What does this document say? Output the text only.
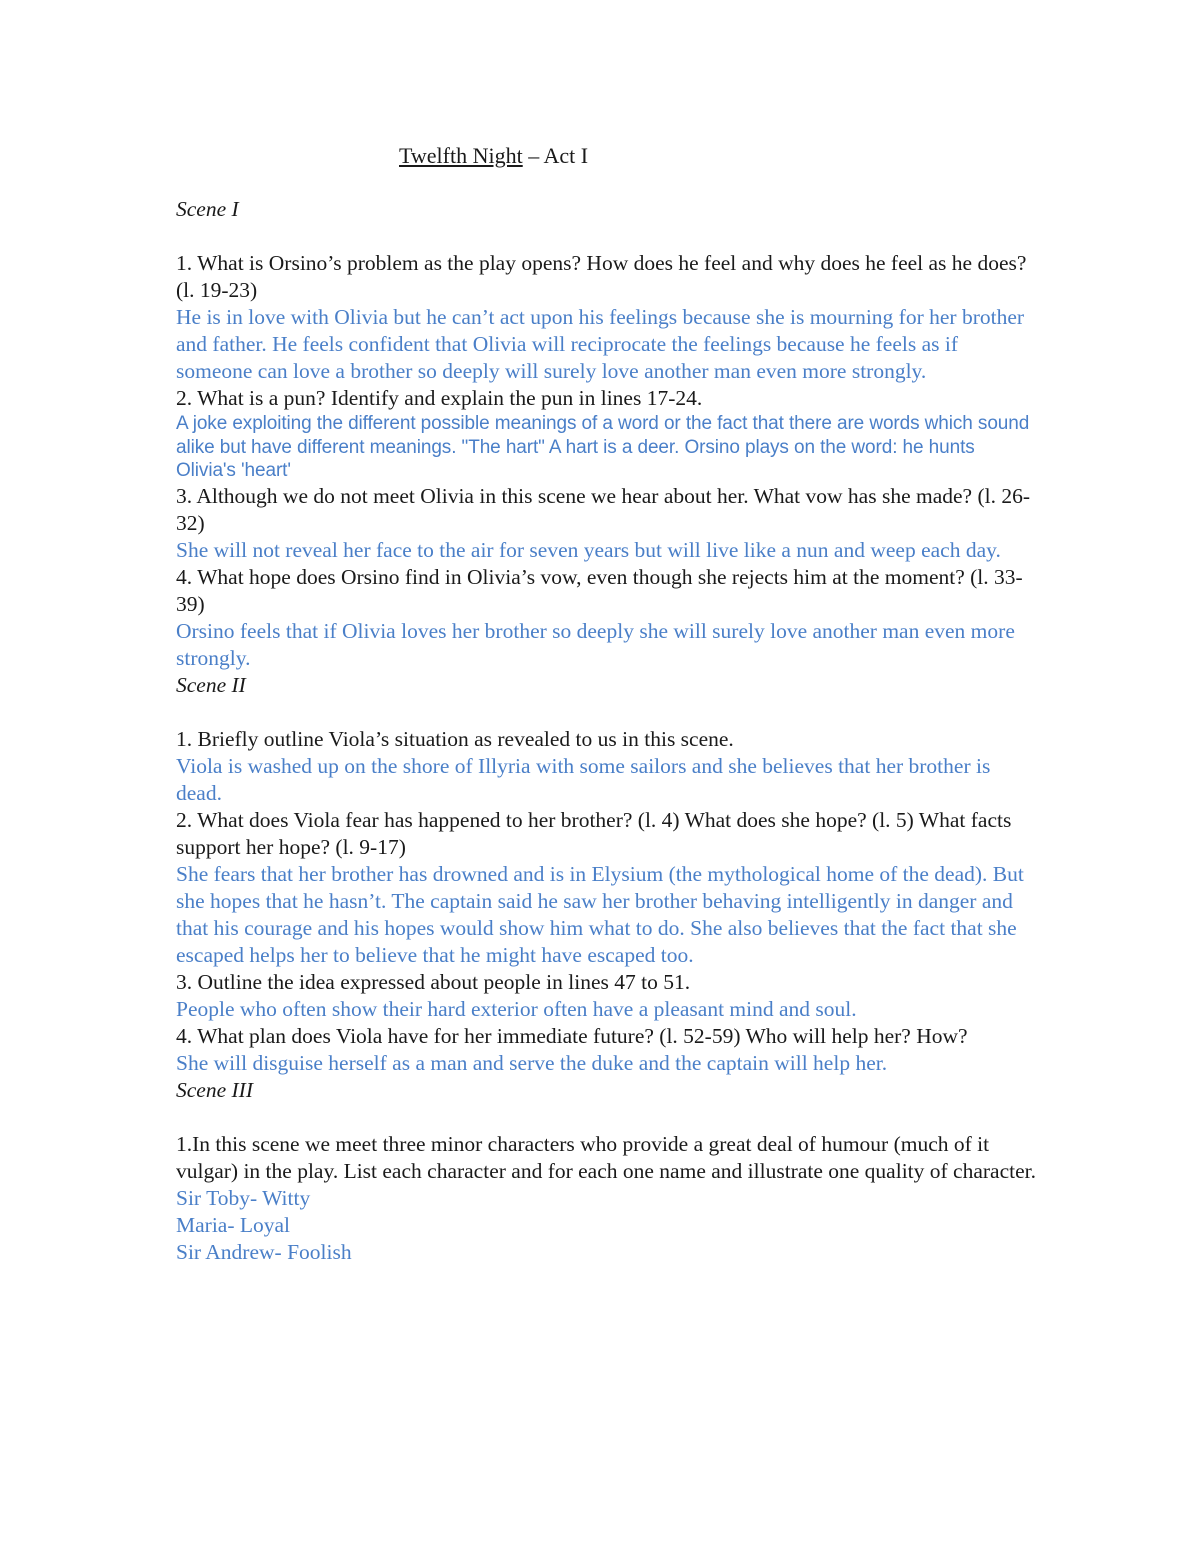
Twelfth Night – Act I

Scene I

1. What is Orsino’s problem as the play opens? How does he feel and why does he feel as he does? (l. 19-23)

He is in love with Olivia but he can’t act upon his feelings because she is mourning for her brother and father. He feels confident that Olivia will reciprocate the feelings because he feels as if someone can love a brother so deeply will surely love another man even more strongly.

2. What is a pun? Identify and explain the pun in lines 17-24.

A joke exploiting the different possible meanings of a word or the fact that there are words which sound alike but have different meanings. "The hart" A hart is a deer. Orsino plays on the word: he hunts Olivia's 'heart'

3. Although we do not meet Olivia in this scene we hear about her. What vow has she made? (l. 26-32)

She will not reveal her face to the air for seven years but will live like a nun and weep each day.

4. What hope does Orsino find in Olivia’s vow, even though she rejects him at the moment? (l. 33-39)

Orsino feels that if Olivia loves her brother so deeply she will surely love another man even more strongly.

Scene II

1. Briefly outline Viola’s situation as revealed to us in this scene.

Viola is washed up on the shore of Illyria with some sailors and she believes that her brother is dead.

2. What does Viola fear has happened to her brother? (l. 4) What does she hope? (l. 5) What facts support her hope? (l. 9-17)

She fears that her brother has drowned and is in Elysium (the mythological home of the dead). But she hopes that he hasn’t. The captain said he saw her brother behaving intelligently in danger and that his courage and his hopes would show him what to do. She also believes that the fact that she escaped helps her to believe that he might have escaped too.

3. Outline the idea expressed about people in lines 47 to 51.

People who often show their hard exterior often have a pleasant mind and soul.

4. What plan does Viola have for her immediate future? (l. 52-59) Who will help her? How?

She will disguise herself as a man and serve the duke and the captain will help her.

Scene III

1.In this scene we meet three minor characters who provide a great deal of humour (much of it vulgar) in the play. List each character and for each one name and illustrate one quality of character.

Sir Toby- Witty

Maria- Loyal

Sir Andrew- Foolish
